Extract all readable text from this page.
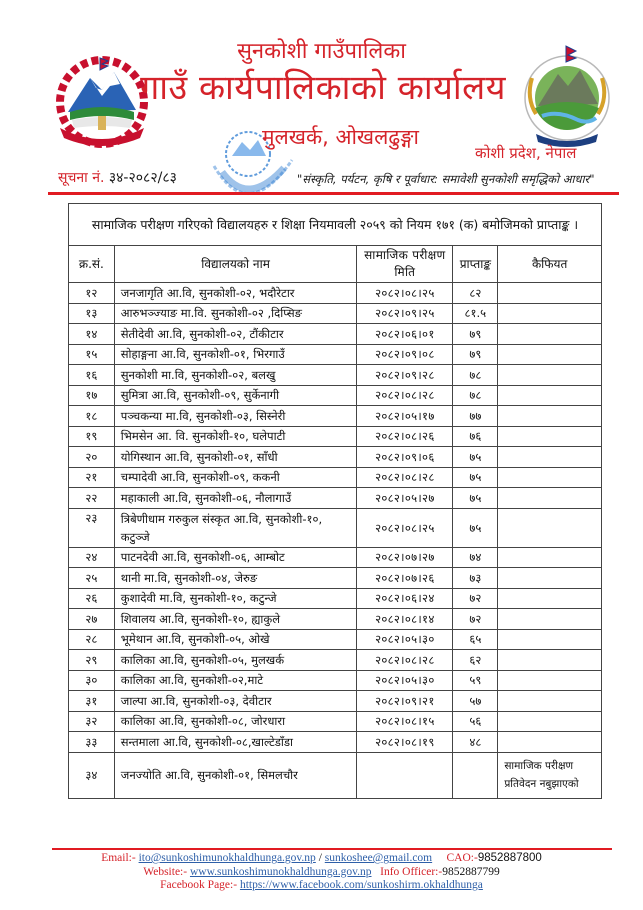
सुनकोशी गाउँपालिका
गाउँ कार्यपालिकाको कार्यालय
मुलखर्क, ओखलढुङ्गा
कोशी प्रदेश, नेपाल
सूचना नं. ३४-२०८२/८३	"संस्कृति, पर्यटन, कृषि र पूर्वाधार: समावेशी सुनकोशी समृद्धिको आधार"
सामाजिक परीक्षण गरिएको विद्यालयहरु र शिक्षा नियमावली २०५९ को नियम १७१ (क) बमोजिमको प्राप्ताङ्क ।				
क्र.सं.	विद्यालयको नाम	सामाजिक परीक्षण मिति	प्राप्ताङ्क	कैफियत
१२	जनजागृति आ.वि, सुनकोशी-०२, भदौरेटार	२०८२।०८।२५	८२	
१३	आरुभञ्ज्याङ मा.वि. सुनकोशी-०२ ,दिप्सिङ	२०८२।०९।२५	८१.५	
१४	सेतीदेवी आ.वि, सुनकोशी-०२, टौंकीटार	२०८२।०६।०१	७९	
१५	सोहाङ्गना आ.वि, सुनकोशी-०१, भिरगाउँ	२०८२।०९।०८	७९	
१६	सुनकोशी मा.वि, सुनकोशी-०२, बलखु	२०८२।०९।२८	७८	
१७	सुमित्रा आ.वि, सुनकोशी-०९, सुर्केनागी	२०८२।०८।२८	७८	
१८	पञ्चकन्या मा.वि, सुनकोशी-०३, सिस्नेरी	२०८२।०५।१७	७७	
१९	भिमसेन आ. वि. सुनकोशी-१०, घलेपाटी	२०८२।०८।२६	७६	
२०	योगिस्थान आ.वि, सुनकोशी-०१, साँधी	२०८२।०९।०६	७५	
२१	चम्पादेवी आ.वि, सुनकोशी-०९, ककनी	२०८२।०८।२८	७५	
२२	महाकाली आ.वि, सुनकोशी-०६, नौलागाउँ	२०८२।०५।२७	७५	
२३	त्रिबेणीधाम गरुकुल संस्कृत आ.वि, सुनकोशी-१०, कटुञ्जे	२०८२।०८।२५	७५	
२४	पाटनदेवी आ.वि, सुनकोशी-०६, आम्बोट	२०८२।०७।२७	७४	
२५	थानी मा.वि, सुनकोशी-०४, जेरुङ	२०८२।०७।२६	७३	
२६	कुशादेवी मा.वि, सुनकोशी-१०, कटुन्जे	२०८२।०६।२४	७२	
२७	शिवालय आ.वि, सुनकोशी-१०, ह्याकुले	२०८२।०८।१४	७२	
२८	भूमेथान आ.वि, सुनकोशी-०५, ओखे	२०८२।०५।३०	६५	
२९	कालिका आ.वि, सुनकोशी-०५, मुलखर्क	२०८२।०८।२८	६२	
३०	कालिका आ.वि, सुनकोशी-०२,माटे	२०८२।०५।३०	५९	
३१	जाल्पा आ.वि, सुनकोशी-०३, देवीटार	२०८२।०९।२१	५७	
३२	कालिका आ.वि, सुनकोशी-०८, जोरधारा	२०८२।०८।१५	५६	
३३	सन्तमाला आ.वि, सुनकोशी-०८,खाल्टेडाँडा	२०८२।०८।१९	४८	
३४	जनज्योति आ.वि, सुनकोशी-०१, सिमलचौर			सामाजिक परीक्षण प्रतिवेदन नबुझाएको
Email:- ito@sunkoshimunokhaldhunga.gov.np / sunkoshee@gmail.com CAO:-9852887800
Website:- www.sunkoshimunokhaldhunga.gov.np Info Officer:-9852887799
Facebook Page:- https://www.facebook.com/sunkoshirm.okhaldhunga
